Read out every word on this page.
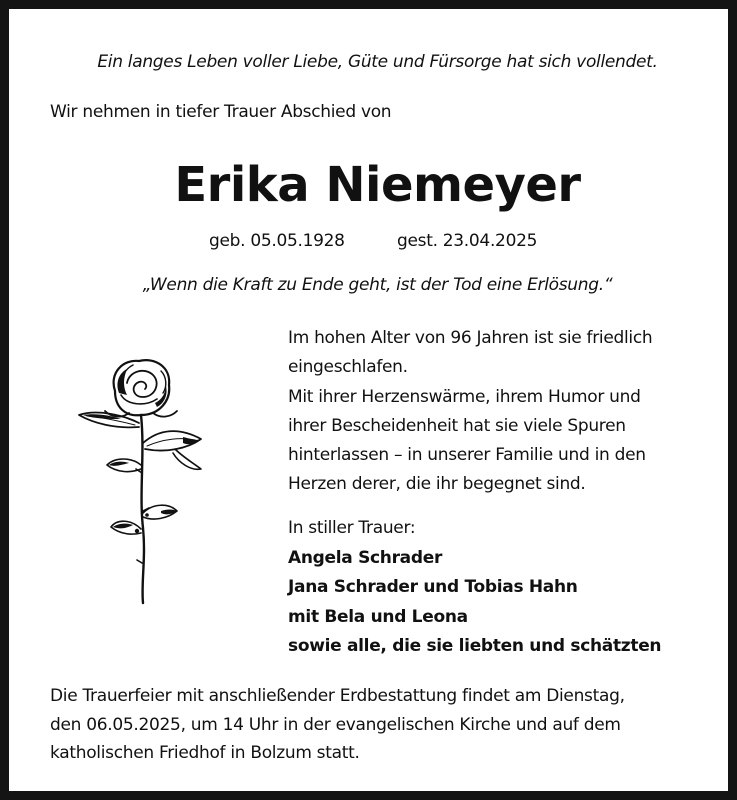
Ein langes Leben voller Liebe, Güte und Fürsorge hat sich vollendet.
Wir nehmen in tiefer Trauer Abschied von
Erika Niemeyer
geb. 05.05.1928	gest. 23.04.2025
„Wenn die Kraft zu Ende geht, ist der Tod eine Erlösung.“

Im hohen Alter von 96 Jahren ist sie friedlich

eingeschlafen.

Mit ihrer Herzenswärme, ihrem Humor und

ihrer Bescheidenheit hat sie viele Spuren

hinterlassen – in unserer Familie und in den

Herzen derer, die ihr begegnet sind.

In stiller Trauer:
Angela Schrader
Jana Schrader und Tobias Hahn
mit Bela und Leona
sowie alle, die sie liebten und schätzten
Die Trauerfeier mit anschließender Erdbestattung findet am Dienstag,
den 06.05.2025, um 14 Uhr in der evangelischen Kirche und auf dem
katholischen Friedhof in Bolzum statt.
